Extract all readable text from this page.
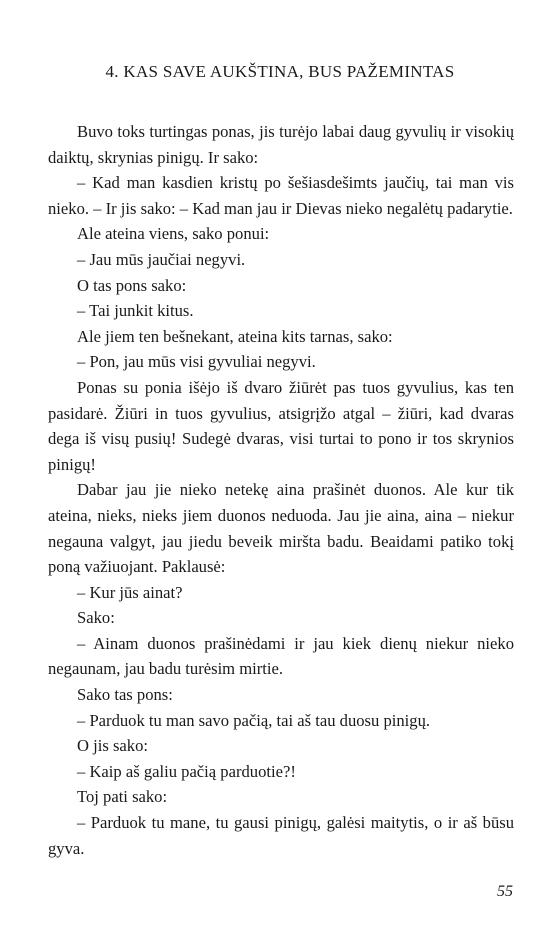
4. KAS SAVE AUKŠTINA, BUS PAŽEMINTAS

Buvo toks turtingas ponas, jis turėjo labai daug gyvulių ir visokių daiktų, skrynias pinigų. Ir sako:

– Kad man kasdien kristų po šešiasdešimts jaučių, tai man vis nieko. – Ir jis sako: – Kad man jau ir Dievas nieko negalėtų padarytie.

Ale ateina viens, sako ponui:

– Jau mūs jaučiai negyvi.

O tas pons sako:

– Tai junkit kitus.

Ale jiem ten bešnekant, ateina kits tarnas, sako:

– Pon, jau mūs visi gyvuliai negyvi.

Ponas su ponia išėjo iš dvaro žiūrėt pas tuos gyvulius, kas ten pasidarė. Žiūri in tuos gyvulius, atsigrįžo atgal – žiūri, kad dvaras dega iš visų pusių! Sudegė dvaras, visi turtai to pono ir tos skrynios pinigų!

Dabar jau jie nieko netekę aina prašinėt duonos. Ale kur tik ateina, nieks, nieks jiem duonos neduoda. Jau jie aina, aina – niekur negauna valgyt, jau jiedu beveik miršta badu. Beaidami patiko tokį poną važiuojant. Paklausė:

– Kur jūs ainat?

Sako:

– Ainam duonos prašinėdami ir jau kiek dienų niekur nieko negaunam, jau badu turėsim mirtie.

Sako tas pons:

– Parduok tu man savo pačią, tai aš tau duosu pinigų.

O jis sako:

– Kaip aš galiu pačią parduotie?!

Toj pati sako:

– Parduok tu mane, tu gausi pinigų, galėsi maitytis, o ir aš būsu gyva.

55
